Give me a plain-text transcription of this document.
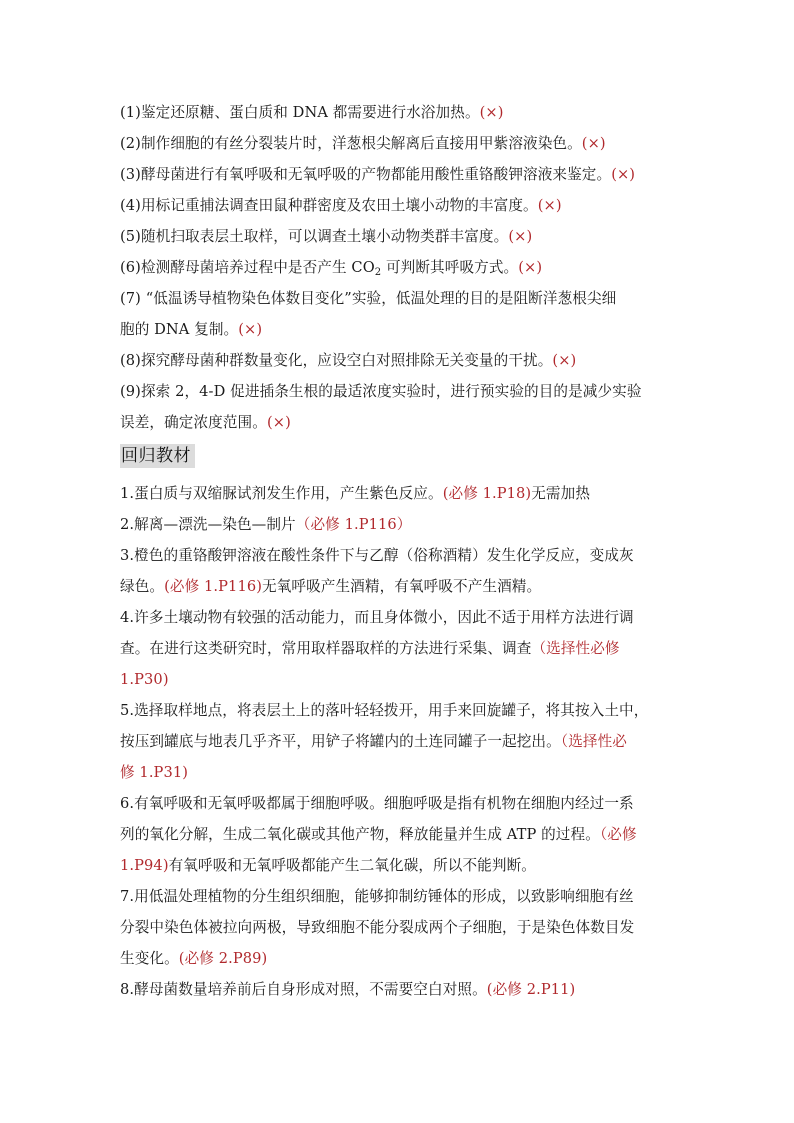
(1)鉴定还原糖、蛋白质和 DNA 都需要进行水浴加热。(×)
(2)制作细胞的有丝分裂装片时，洋葱根尖解离后直接用甲紫溶液染色。(×)
(3)酵母菌进行有氧呼吸和无氧呼吸的产物都能用酸性重铬酸钾溶液来鉴定。(×)
(4)用标记重捕法调查田鼠种群密度及农田土壤小动物的丰富度。(×)
(5)随机扫取表层土取样，可以调查土壤小动物类群丰富度。(×)
(6)检测酵母菌培养过程中是否产生 $CO_2$ 可判断其呼吸方式。(×)
(7) “低温诱导植物染色体数目变化”实验，低温处理的目的是阻断洋葱根尖细
胞的 DNA 复制。(×)
(8)探究酵母菌种群数量变化，应设空白对照排除无关变量的干扰。(×)
(9)探索 2，4-D 促进插条生根的最适浓度实验时，进行预实验的目的是减少实验
误差，确定浓度范围。(×)
回归教材
1.蛋白质与双缩脲试剂发生作用，产生紫色反应。(必修 1.P18)无需加热
2.解离—漂洗—染色—制片（必修 1.P116）
3.橙色的重铬酸钾溶液在酸性条件下与乙醇（俗称酒精）发生化学反应，变成灰
绿色。(必修 1.P116)无氧呼吸产生酒精，有氧呼吸不产生酒精。
4.许多土壤动物有较强的活动能力，而且身体微小，因此不适于用样方法进行调
查。在进行这类研究时，常用取样器取样的方法进行采集、调查（选择性必修
1.P30)
5.选择取样地点，将表层土上的落叶轻轻拨开，用手来回旋罐子，将其按入土中，
按压到罐底与地表几乎齐平，用铲子将罐内的土连同罐子一起挖出。（选择性必
修 1.P31)
6.有氧呼吸和无氧呼吸都属于细胞呼吸。细胞呼吸是指有机物在细胞内经过一系
列的氧化分解，生成二氧化碳或其他产物，释放能量并生成 ATP 的过程。（必修
1.P94)有氧呼吸和无氧呼吸都能产生二氧化碳，所以不能判断。
7.用低温处理植物的分生组织细胞，能够抑制纺锤体的形成，以致影响细胞有丝
分裂中染色体被拉向两极，导致细胞不能分裂成两个子细胞，于是染色体数目发
生变化。(必修 2.P89)
8.酵母菌数量培养前后自身形成对照，不需要空白对照。(必修 2.P11)
